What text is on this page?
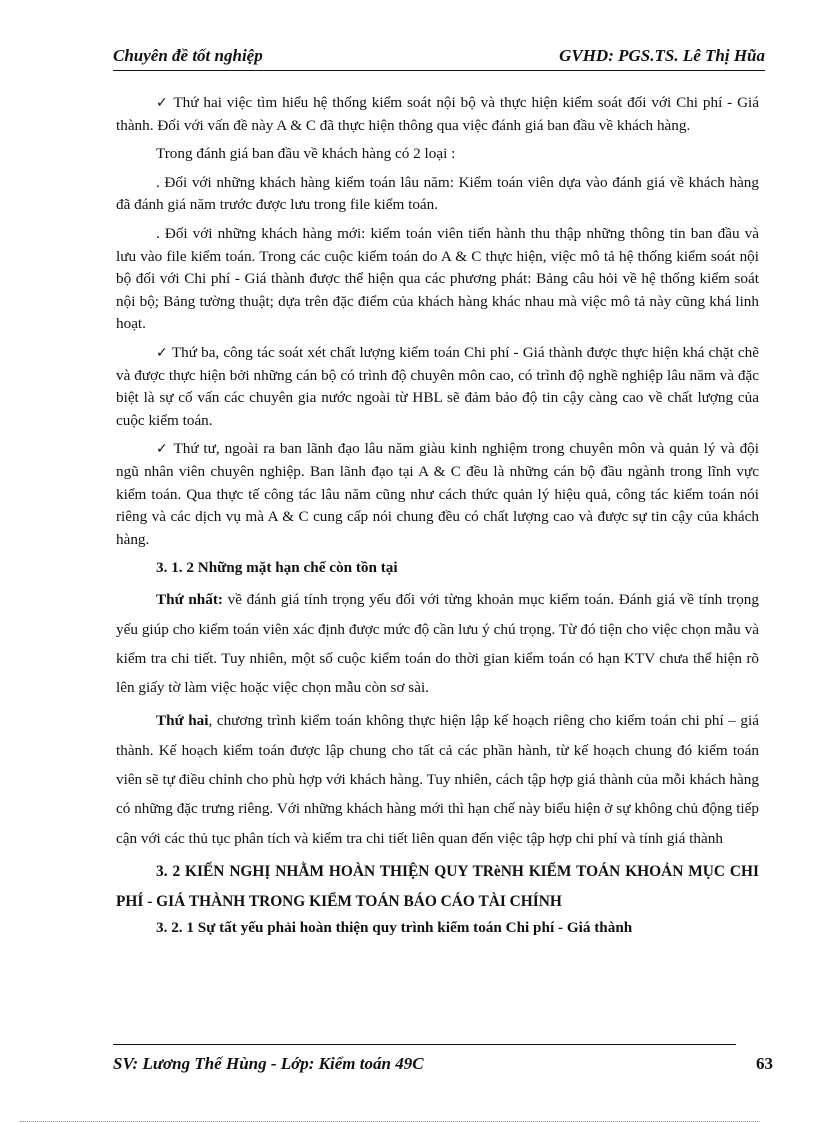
Chuyên đề tốt nghiệp	GVHD: PGS.TS. Lê Thị Hũa

✓ Thứ hai việc tìm hiểu hệ thống kiểm soát nội bộ và thực hiện kiểm soát đối với Chi phí - Giá thành. Đối với vấn đề này A & C đã thực hiện thông qua việc đánh giá ban đầu về khách hàng.

Trong đánh giá ban đầu về khách hàng có 2 loại :

. Đối với những khách hàng kiểm toán lâu năm: Kiểm toán viên dựa vào đánh giá về khách hàng đã đánh giá năm trước được lưu trong file kiểm toán.

. Đối với những khách hàng mới: kiểm toán viên tiến hành thu thập những thông tin ban đầu và lưu vào file kiểm toán. Trong các cuộc kiểm toán do A & C thực hiện, việc mô tả hệ thống kiểm soát nội bộ đối với Chi phí - Giá thành được thể hiện qua các phương phát: Bảng câu hỏi về hệ thống kiểm soát nội bộ; Bảng tường thuật; dựa trên đặc điểm của khách hàng khác nhau mà việc mô tả này cũng khá linh hoạt.

✓ Thứ ba, công tác soát xét chất lượng kiểm toán Chi phí - Giá thành được thực hiện khá chặt chẽ và được thực hiện bởi những cán bộ có trình độ chuyên môn cao, có trình độ nghề nghiệp lâu năm và đặc biệt là sự cố vấn các chuyên gia nước ngoài từ HBL sẽ đảm bảo độ tin cậy càng cao về chất lượng của cuộc kiểm toán.

✓ Thứ tư, ngoài ra ban lãnh đạo lâu năm giàu kinh nghiệm trong chuyên môn và quản lý và đội ngũ nhân viên chuyên nghiệp. Ban lãnh đạo tại A & C đều là những cán bộ đầu ngành trong lĩnh vực kiểm toán. Qua thực tế công tác lâu năm cũng như cách thức quản lý hiệu quả, công tác kiểm toán nói riêng và các dịch vụ mà A & C cung cấp nói chung đều có chất lượng cao và được sự tin cậy của khách hàng.

3. 1. 2 Những mặt hạn chế còn tồn tại

Thứ nhất: về đánh giá tính trọng yếu đối với từng khoản mục kiểm toán. Đánh giá về tính trọng yếu giúp cho kiểm toán viên xác định được mức độ cần lưu ý chú trọng. Từ đó tiện cho việc chọn mẫu và kiểm tra chi tiết. Tuy nhiên, một số cuộc kiểm toán do thời gian kiểm toán có hạn KTV chưa thể hiện rõ lên giấy tờ làm việc hoặc việc chọn mẫu còn sơ sài.

Thứ hai, chương trình kiểm toán không thực hiện lập kế hoạch riêng cho kiểm toán chi phí – giá thành. Kế hoạch kiểm toán được lập chung cho tất cả các phần hành, từ kế hoạch chung đó kiểm toán viên sẽ tự điều chỉnh cho phù hợp với khách hàng. Tuy nhiên, cách tập hợp giá thành của mỗi khách hàng có những đặc trưng riêng. Với những khách hàng mới thì hạn chế này biểu hiện ở sự không chủ động tiếp cận với các thủ tục phân tích và kiểm tra chi tiết liên quan đến việc tập hợp chi phí và tính giá thành

3. 2 KIẾN NGHỊ NHẰM HOÀN THIỆN QUY TRèNH KIỂM TOÁN KHOẢN MỤC CHI PHÍ - GIÁ THÀNH TRONG KIỂM TOÁN BÁO CÁO TÀI CHÍNH

3. 2. 1 Sự tất yếu phải hoàn thiện quy trình kiểm toán Chi phí - Giá thành

SV: Lương Thế Hùng - Lớp: Kiểm toán 49C	63
